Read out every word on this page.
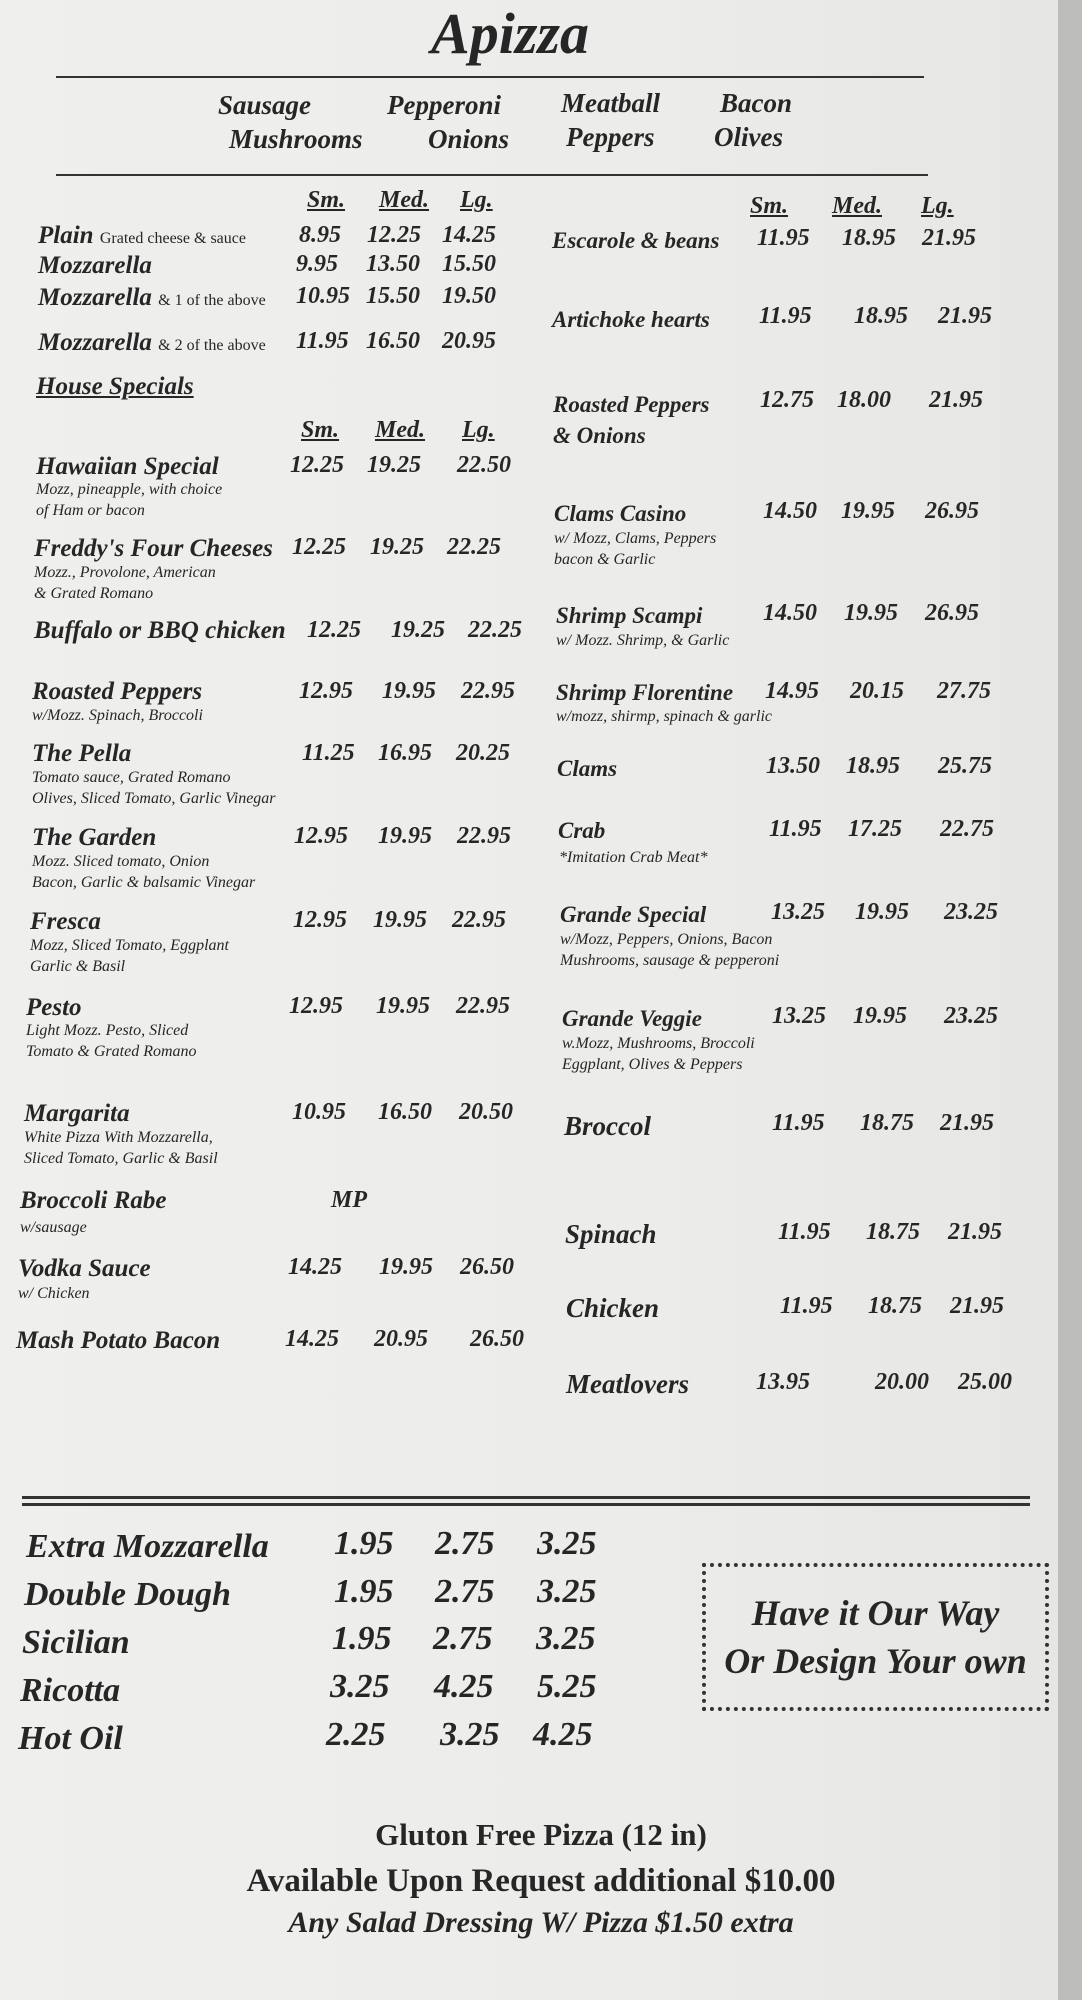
Apizza
Sausage
Mushrooms
Pepperoni
Onions
Meatball
Peppers
Bacon
Olives
Sm. Med. Lg.	Sm. Med. Lg.
Plain Grated cheese & sauce 8.95 12.25 14.25
Mozzarella	9.95 13.50 15.50
Mozzarella & 1 of the above 10.95 15.50 19.50
Mozzarella & 2 of the above 11.95 16.50 20.95
House Specials
Sm. Med. Lg.
Hawaiian Special
Mozz, pineapple, with choice
of Ham or bacon
12.25 19.25 22.50
Freddy's Four Cheeses
Mozz., Provolone, American
& Grated Romano
12.25 19.25 22.25
Buffalo or BBQ chicken 12.25 19.25 22.25
Roasted Peppers
w/Mozz. Spinach, Broccoli
12.95 19.95 22.95
The Pella
Tomato sauce, Grated Romano
Olives, Sliced Tomato, Garlic Vinegar
11.25 16.95 20.25
The Garden
Mozz. Sliced tomato, Onion
Bacon, Garlic & balsamic Vinegar
12.95 19.95 22.95
Fresca
Mozz, Sliced Tomato, Eggplant
Garlic & Basil
12.95 19.95 22.95
Pesto
Light Mozz. Pesto, Sliced
Tomato & Grated Romano
12.95 19.95 22.95
Margarita
White Pizza With Mozzarella,
Sliced Tomato, Garlic & Basil
10.95 16.50 20.50
Broccoli Rabe
w/sausage
MP
Vodka Sauce
w/ Chicken
14.25 19.95 26.50
Mash Potato Bacon	14.25 20.95 26.50
Escarole & beans 11.95 18.95 21.95
Artichoke hearts 11.95 18.95 21.95
Roasted Peppers
& Onions
12.75 18.00 21.95
Clams Casino
w/ Mozz, Clams, Peppers
bacon & Garlic
14.50 19.95 26.95
Shrimp Scampi
w/ Mozz. Shrimp, & Garlic
14.50 19.95 26.95
Shrimp Florentine
w/mozz, shirmp, spinach & garlic
14.95 20.15 27.75
Clams	13.50 18.95 25.75
Crab
*Imitation Crab Meat*
11.95 17.25 22.75
Grande Special
w/Mozz, Peppers, Onions, Bacon
Mushrooms, sausage & pepperoni
13.25 19.95 23.25
Grande Veggie
w.Mozz, Mushrooms, Broccoli
Eggplant, Olives & Peppers
13.25 19.95 23.25
Broccol	11.95 18.75 21.95
Spinach	11.95 18.75 21.95
Chicken	11.95 18.75 21.95
Meatlovers	13.95	20.00 25.00
Extra Mozzarella 1.95 2.75 3.25
Double Dough	1.95 2.75 3.25
Sicilian	1.95 2.75 3.25
Ricotta	3.25 4.25 5.25
Hot Oil	2.25 3.25 4.25
Have it Our Way
Or Design Your own
Gluton Free Pizza (12 in)
Available Upon Request additional $10.00
Any Salad Dressing W/ Pizza $1.50 extra
